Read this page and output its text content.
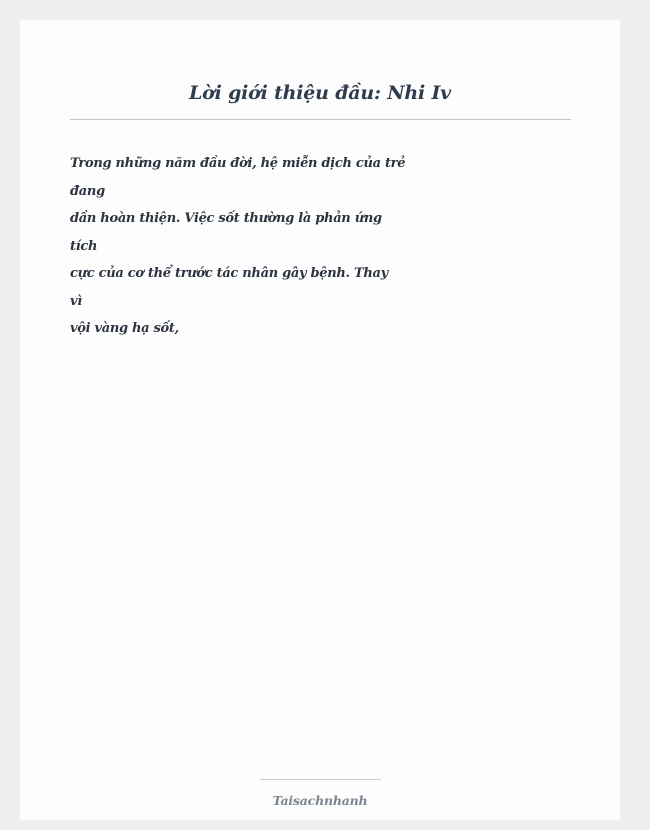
Lời giới thiệu đầu: Nhi Iv
Trong những năm đầu đời, hệ miễn dịch của trẻ
đang
dần hoàn thiện. Việc sốt thường là phản ứng
tích
cực của cơ thể trước tác nhân gây bệnh. Thay
vì
vội vàng hạ sốt,
Taisachnhanh
